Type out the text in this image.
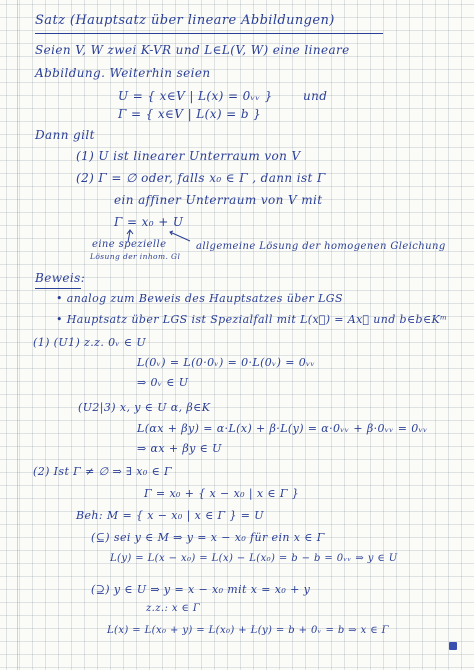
Satz (Hauptsatz über lineare Abbildungen)
Seien V, W zwei K-VR und L∈L(V, W) eine lineare
Abbildung. Weiterhin seien
U = { x∈V | L(x) = 0ᵥᵥ }	und
Γ = { x∈V | L(x) = b }
Dann gilt
(1) U ist linearer Unterraum von V
(2) Γ = ∅ oder, falls x₀ ∈ Γ , dann ist Γ
ein affiner Unterraum von V mit
Γ = x₀ + U
eine spezielle
Lösung der inhom. Gl
allgemeine Lösung der homogenen Gleichung
Beweis:
• analog zum Beweis des Hauptsatzes über LGS
• Hauptsatz über LGS ist Spezialfall mit L(x⃗) = Ax⃗ und b∈b∈Kᵐ
(1) (U1) z.z. 0ᵥ ∈ U
L(0ᵥ) = L(0·0ᵥ) = 0·L(0ᵥ) = 0ᵥᵥ
⇒ 0ᵥ ∈ U
(U2|3) x, y ∈ U α, β∈K
L(αx + βy) = α·L(x) + β·L(y) = α·0ᵥᵥ + β·0ᵥᵥ = 0ᵥᵥ
⇒ αx + βy ∈ U
(2) Ist Γ ≠ ∅ ⇒ ∃ x₀ ∈ Γ
Γ = x₀ + { x − x₀ | x ∈ Γ }
Beh: M = { x − x₀ | x ∈ Γ } = U
(⊆) sei y ∈ M ⇒ y = x − x₀ für ein x ∈ Γ
L(y) = L(x − x₀) = L(x) − L(x₀) = b − b = 0ᵥᵥ ⇒ y ∈ U
(⊇) y ∈ U ⇒ y = x − x₀ mit x = x₀ + y
z.z.: x ∈ Γ
L(x) = L(x₀ + y) = L(x₀) + L(y) = b + 0ᵥ = b ⇒ x ∈ Γ
